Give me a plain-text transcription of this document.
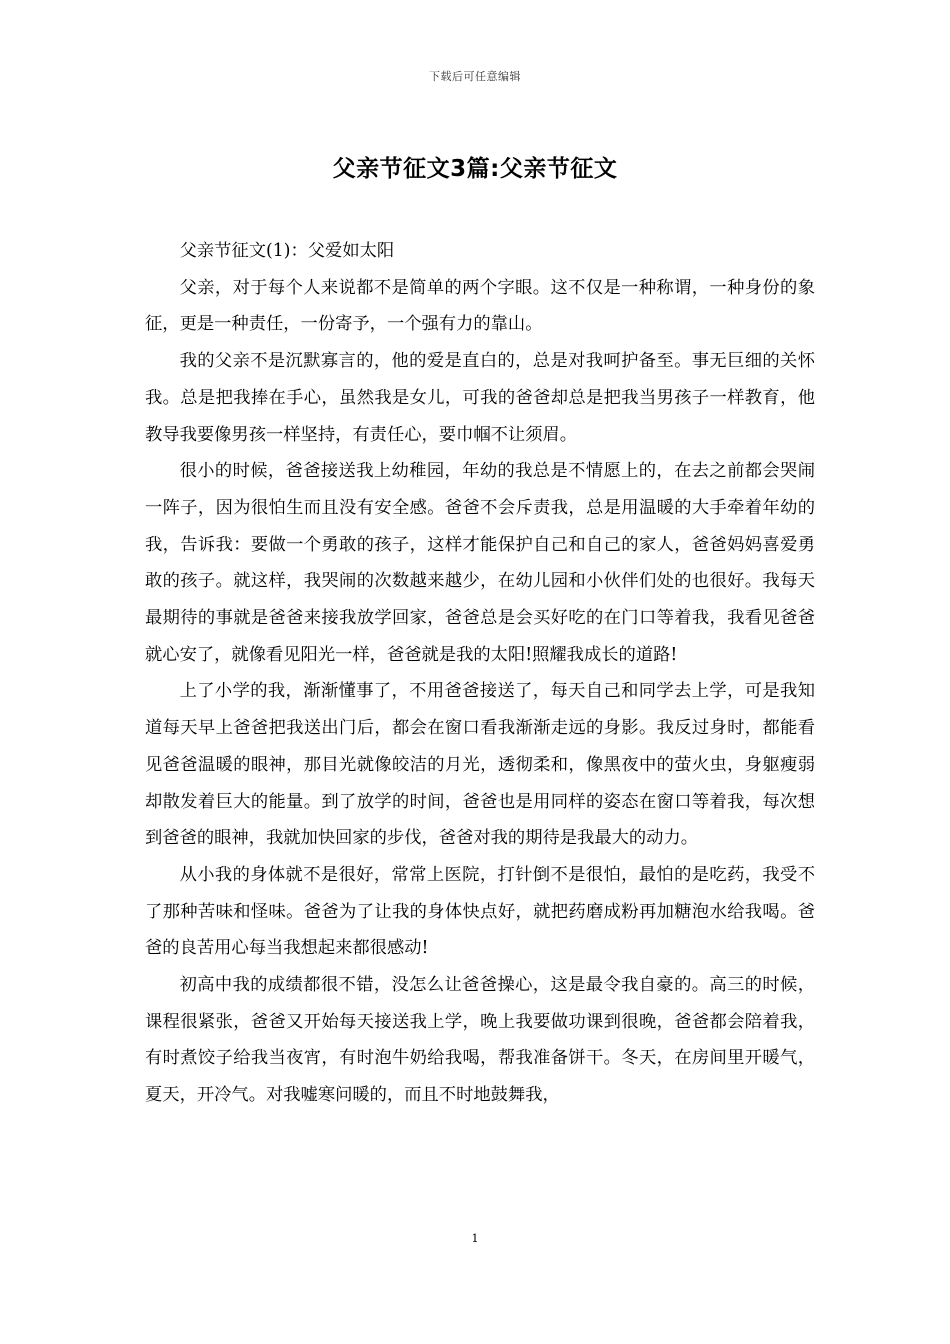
下载后可任意编辑
父亲节征文3篇:父亲节征文

父亲节征文(1)：父爱如太阳

父亲，对于每个人来说都不是简单的两个字眼。这不仅是一种称谓，一种身份的象征，更是一种责任，一份寄予，一个强有力的靠山。

我的父亲不是沉默寡言的，他的爱是直白的，总是对我呵护备至。事无巨细的关怀我。总是把我捧在手心，虽然我是女儿，可我的爸爸却总是把我当男孩子一样教育，他教导我要像男孩一样坚持，有责任心，要巾帼不让须眉。

很小的时候，爸爸接送我上幼稚园，年幼的我总是不情愿上的，在去之前都会哭闹一阵子，因为很怕生而且没有安全感。爸爸不会斥责我，总是用温暖的大手牵着年幼的我，告诉我：要做一个勇敢的孩子，这样才能保护自己和自己的家人，爸爸妈妈喜爱勇敢的孩子。就这样，我哭闹的次数越来越少，在幼儿园和小伙伴们处的也很好。我每天最期待的事就是爸爸来接我放学回家，爸爸总是会买好吃的在门口等着我，我看见爸爸就心安了，就像看见阳光一样，爸爸就是我的太阳!照耀我成长的道路!

上了小学的我，渐渐懂事了，不用爸爸接送了，每天自己和同学去上学，可是我知道每天早上爸爸把我送出门后，都会在窗口看我渐渐走远的身影。我反过身时，都能看见爸爸温暖的眼神，那目光就像皎洁的月光，透彻柔和，像黑夜中的萤火虫，身躯瘦弱却散发着巨大的能量。到了放学的时间，爸爸也是用同样的姿态在窗口等着我，每次想到爸爸的眼神，我就加快回家的步伐，爸爸对我的期待是我最大的动力。

从小我的身体就不是很好，常常上医院，打针倒不是很怕，最怕的是吃药，我受不了那种苦味和怪味。爸爸为了让我的身体快点好，就把药磨成粉再加糖泡水给我喝。爸爸的良苦用心每当我想起来都很感动!

初高中我的成绩都很不错，没怎么让爸爸操心，这是最令我自豪的。高三的时候，课程很紧张，爸爸又开始每天接送我上学，晚上我要做功课到很晚，爸爸都会陪着我，有时煮饺子给我当夜宵，有时泡牛奶给我喝，帮我准备饼干。冬天，在房间里开暖气，夏天，开冷气。对我嘘寒问暖的，而且不时地鼓舞我，

1
